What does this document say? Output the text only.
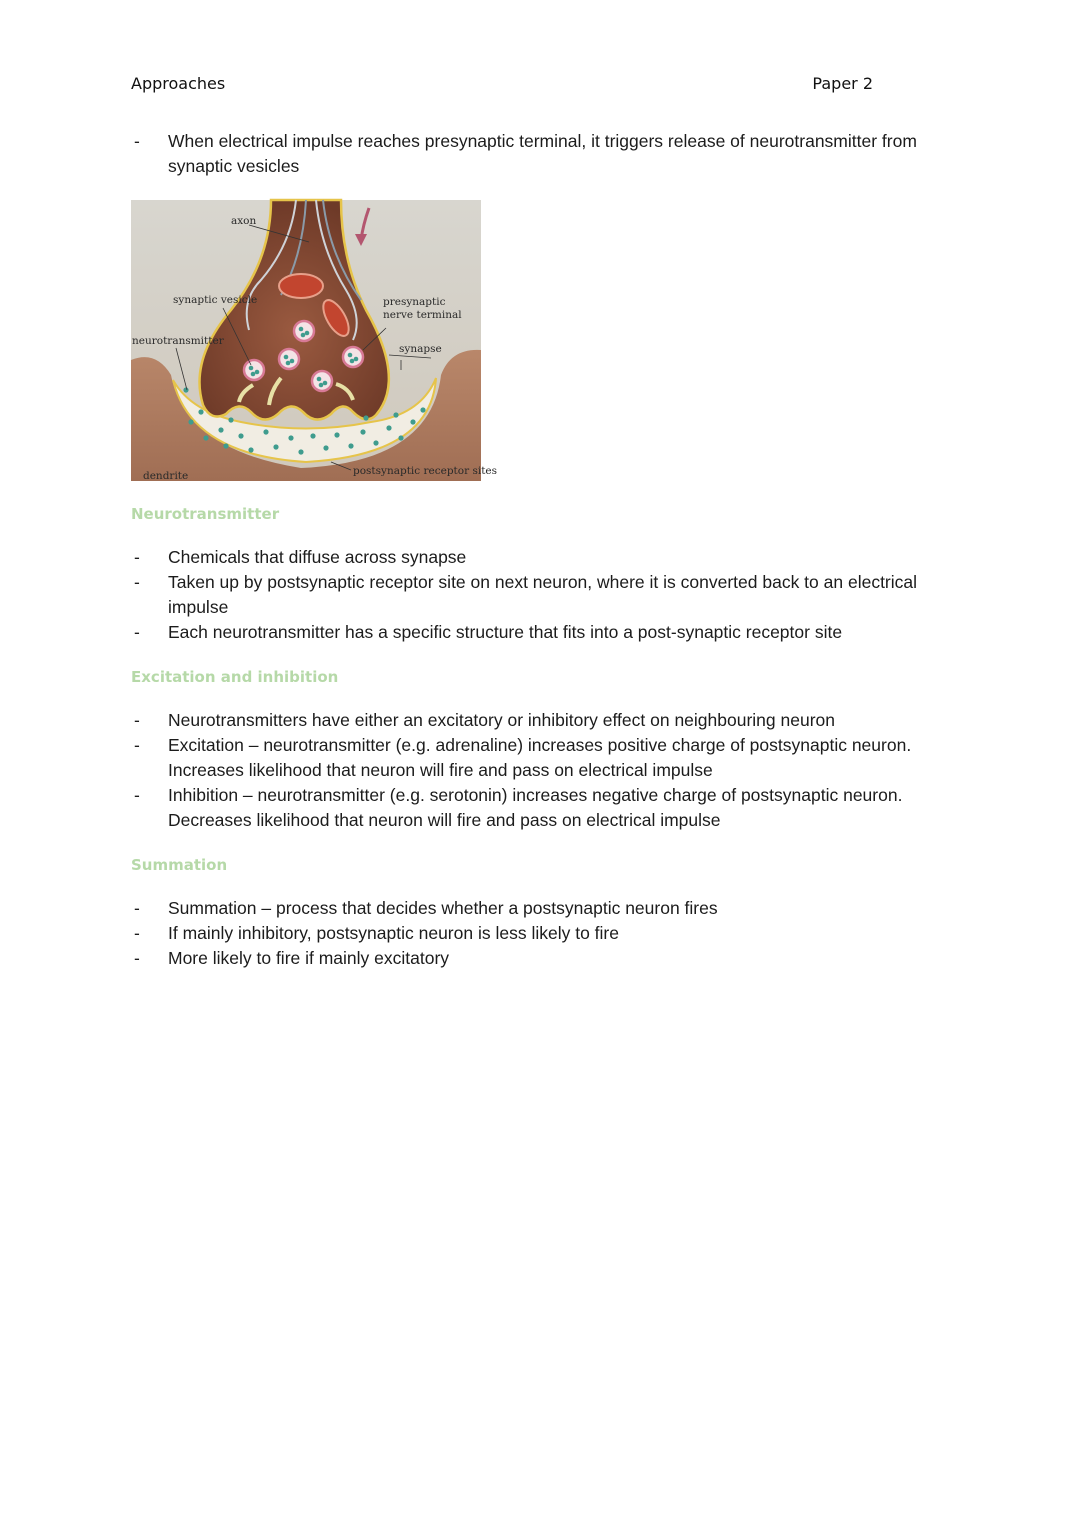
Approaches	Paper 2
- When electrical impulse reaches presynaptic terminal, it triggers release of neurotransmitter from
synaptic vesicles
axon
synaptic vesicle	presynaptic
nerve terminal
neurotransmitter
synapse
dendrite	postsynaptic receptor sites

Neurotransmitter

- Chemicals that diffuse across synapse
- Taken up by postsynaptic receptor site on next neuron, where it is converted back to an electrical impulse
- Each neurotransmitter has a specific structure that fits into a post-synaptic receptor site

Excitation and inhibition

- Neurotransmitters have either an excitatory or inhibitory effect on neighbouring neuron
- Excitation – neurotransmitter (e.g. adrenaline) increases positive charge of postsynaptic neuron. Increases likelihood that neuron will fire and pass on electrical impulse
- Inhibition – neurotransmitter (e.g. serotonin) increases negative charge of postsynaptic neuron. Decreases likelihood that neuron will fire and pass on electrical impulse

Summation

- Summation – process that decides whether a postsynaptic neuron fires
- If mainly inhibitory, postsynaptic neuron is less likely to fire
- More likely to fire if mainly excitatory
